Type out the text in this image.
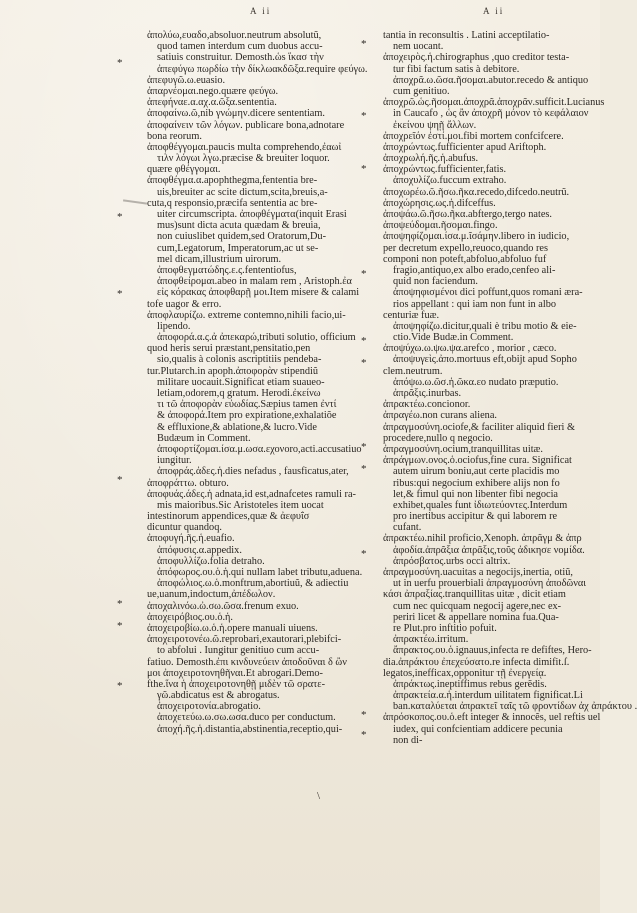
A ii	A ii
*
*
*
*
*
*
*
*
*
*
*
*
*
*
*
*
*
*
ἀπολύω,ευαδο,absoluor.neutrum absolutũ,
quod tamen interdum cum duobus accu‑
satiuis construitur. Demosth.ὡs ἵκασ τὴν
ἀπεφύγω πωρδίω τὴν δίκλωακδῶξα.require φεύγω.
ἀπεφυγῶ.ω.euasio.
ἀπαρνέομαι.nego.quære φεύγω.
ἀπεφήναε.α.αχ.α.ῶξα.sententia.
ἀποφαίνω.ῶ,nib γνώμην.dicere sententiam.
ἀποφαίνειν τῶν λόγων. publicare bona,adnotare
bona reorum.
ἀποφθέγγομαι.paucis multa comprehendo,ἐαωἰ
τιλν λόγωι λγω.præcise & breuiter loquor.
quære φθέγγομαι.
ἀποφθέγμα.α.apophthegma,fententia bre‑
uis,breuiter ac scite dictum,scita,breuis,a‑
cuta,q responsio,præcifa sententia ac bre‑
uiter circumscripta. ἀποφθέγματα(inquit Erasi
mus)sunt dicta acuta quædam & breuia,
non cuiuslibet quidem,sed Oratorum,Du‑
cum,Legatorum, Imperatorum,ac ut se‑
mel dicam,illustrium uirorum.
ἀποφθεγματώδης.ε.ς.fententiofus,
ἀποφθείρομαι.abeo in malam rem , Aristoph.ἐα
εἰς κόρακας ἀποφθαρῇ μοι.Item misere & calami
tofe uagor & erro.
ἀποφλαυρίζω. extreme contemno,nihili facio,ui‑
lipendo.
ἀποφορά.α.ς.ἀ ἀπεκαρώ,tributi solutio, officium
quod heris serui præstant,pensitatio,pen
sio,qualis à colonis ascriptitiis pendeba‑
tur.Plutarch.in apoph.ἀποφορὰν stipendiũ
militare uocauit.Significat etiam suaueo‑
letiam,odorem,q gratum. Herodi.ἐκείνω
τι τῶ ἀποφορὰν εὐωδίας.Sæpius tamen ἐντί
& ἀποφορά.Item pro expiratione,exhalatiõe
& effluxione,& ablatione,& lucro.Vide
Budæum in Comment.
ἀποφορτίζομαι.ίσα.μ.ωσα.εχονοro,acti.accusatiuo
iungitur.
ἀποφράς.ἀδες.ἡ.dies nefadus , fausficatus,ater,
ἀποφράττω. obturo.
ἀποφυάς.άδες.ἡ adnata,id est,adnafcetes ramuli ra‑
mis maioribus.Sic Aristoteles item uocat
intestinorum appendices,quæ & ἀεφυΐσ
dicuntur quandoq.
ἀποφυγή.ῆς.ἡ.euafio.
ἀπόφυσις.α.appedix.
ἀποφυλλίζω.folia detraho.
ἀπόφωρος.ου.ὁ.ἡ.qui nullam labet tributu,aduena.
ἀποφώλιος.ω.ὁ.monftrum,abortiuũ, & adiectiu
ue,uanum,indoctum,ἀπέδωλον.
ἀποχαλινόω.ὠ.σω.ῶσα.frenum exuo.
ἀποχειρόβιος.ου.ὁ.ἡ.
ἀποχειροβίω.ω.ὁ.ἡ.opere manuali uiuens.
ἀποχειροτονέω.ῶ.reprobari,exautorari,plebifci‑
to abfolui . Iungitur genitiuo cum accu‑
fatiuo. Demosth.ἐπι κινδυνεύειν ἀποδοῦναι δ ὢν
μοι ἀποχειροτονηθῆναι.Et abrogari.Demo‑
fthe.ἵνα ἡ ἀποχειροτονηθῇ μιδὲν τῶ σρατε‑
γῶ.abdicatus est & abrogatus.
ἀποχειροτονία.abrogatio.
ἀποχετεύω.ω.σω.ωσα.duco per conductum.
ἀποχή.ῆς.ἡ.distantia,abstinentia,receptio,qui‑
tantia in reconsultis . Latini acceptilatio‑
nem uocant.
ἀποχειρὸς.ἡ.chirographus ,quo creditor testa‑
tur fibi factum satis à debitore.
ἀποχρᾶ.ω.ῶσα.ῆσομαι.abutor.recedo & antiquo
cum genitiuo.
ἀποχρῶ.ὡς.ῆσομαι.ἀποχρᾶ.ἀποχρᾶν.sufficit.Lucianus
in Caucafo , ὡς ἂν ἀποχρῆ μόνον τὸ κεφάλαιον
ἐκείνου ψηῇ ἄλλων.
ἀποχρεῖόν ἐστί.μοι.fibi mortem confcifcere.
ἀποχρώντως.fufficienter apud Ariftoph.
ἀποχρωλή.ῆς.ἡ.abufus.
ἀποχρώντως.fufficienter,fatis.
ἀποχυλίζω.fuccum extraho.
ἀποχωρέω.ῶ.ῆσω.ῆκα.recedo,difcedo.neutrũ.
ἀποχώρησις.ως.ἡ.difceffus.
ἀποψάω.ῶ.ῆσω.ῆκα.abftergo,tergo nates.
ἀποψεύδομαι.ῆσομαι.fingo.
ἀποψηφίζομαι.ίσα.μ.ῖσάμην.libero in iudicio,
per decretum expello,reuoco,quando res
componi non poteft,abfoluo,abfoluo fuf
fragio,antiquo,ex albo erado,cenfeo ali‑
quid non faciendum.
ἀποψηφισμένοι dici poffunt,quos romani æra‑
rios appellant : qui iam non funt in albo
centuriæ fuæ.
ἀποψηφίζω.dicitur,quali è tribu motio & eie‑
ctio.Vide Budæ.in Comment.
ἀποψύχω.ω.ψω.ψα.arefco , morior , cæco.
ἀποψυγεὶς.ἀπο.mortuus eft,obijt apud Sopho
clem.neutrum.
ἀπόψω.ω.ῶσ.ἡ.ῶκα.εο nudato præputio.
ἀπρᾶξις.inurbas.
ἀπρακτέω.concionor.
ἀπραγέω.non curans aliena.
ἀπραγμοσύνη.ociofe,& faciliter aliquid fieri &
procedere,nullo q negocio.
ἀπραγμοσύνη.ocium,tranquillitas uitæ.
ἀπράγμων.ονος.ὁ.ociofus,fine cura. Significat
autem uirum boniu,aut certe placidis mo
ribus:qui negocium exhibere alijs non fo
let,& fimul qui non libenter fibi negocia
exhibet,quales funt ἰδιωτεύοντες.Interdum
pro inertibus accipitur & qui laborem re
cufant.
ἀπρακτέω.nihil proficio,Xenoph. ἀπρᾶγμ & ἀπρ
ἀφοδία.ἀπρᾶξια ἀπρᾶξις,τοῦς ἀδικησε νομίδα.
ἀπρόσβατος.urbs occi altrix.
ἀπραγμοσύνη.uacuitas a negocijs,inertia, otiũ,
ut in uerfu prouerbiali ἀπραγμοσύνη ἀποδῶναι
κάσι ἀπραξίας.tranquillitas uitæ , dicit etiam
cum nec quicquam negocij agere,nec ex‑
periri licet & appellare nomina fua.Qua‑
re Plut.pro inftitio pofuit.
ἀπρακτέω.irritum.
ἄπρακτος.ου.ὁ.ignauus,infecta re defiftes, Hero‑
dia.ἀπράκτου ἐπεχεύσατο.re infecta dimifit.ſ.
legatos,inefficax,opponitur τῇ ἐνεργείᾳ.
ἀπράκτως.ineptiffimus rebus gerẽdis.
ἀπρακτεία.α.ἡ.interdum uilitatem fignificat.Li
ban.καταλύεται ἀπρακτεῖ ταῖς τῶ φροντίδων ἀχ ἀπράκτου .
ἀπρόσκοπος.ου.ὁ.eft integer & innocẽs, uel reftis uel
iudex, qui confcientiam addicere pecunia
non di‑
\
